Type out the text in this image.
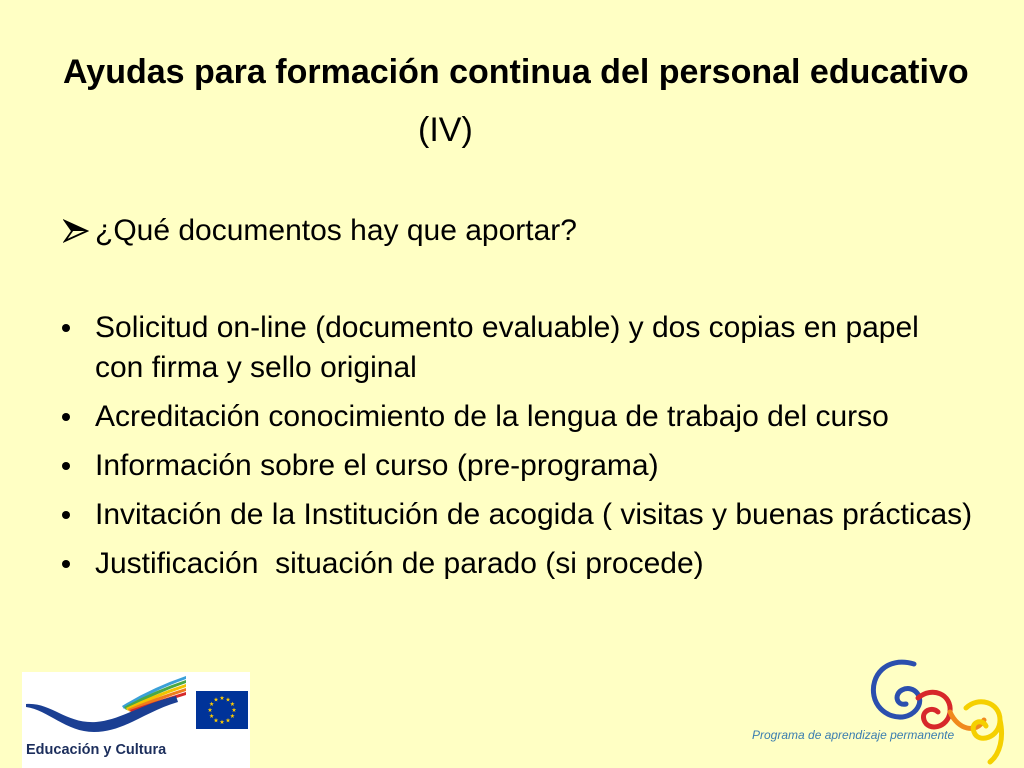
Ayudas para formación continua del personal educativo
(IV)
¿Qué documentos hay que aportar?
Solicitud on-line (documento evaluable) y dos copias en papel
con firma y sello original
Acreditación conocimiento de la lengua de trabajo del curso
Información sobre el curso (pre-programa)
Invitación de la Institución de acogida ( visitas y buenas prácticas)
Justificación  situación de parado (si procede)
Educación y Cultura
Programa de aprendizaje permanente
